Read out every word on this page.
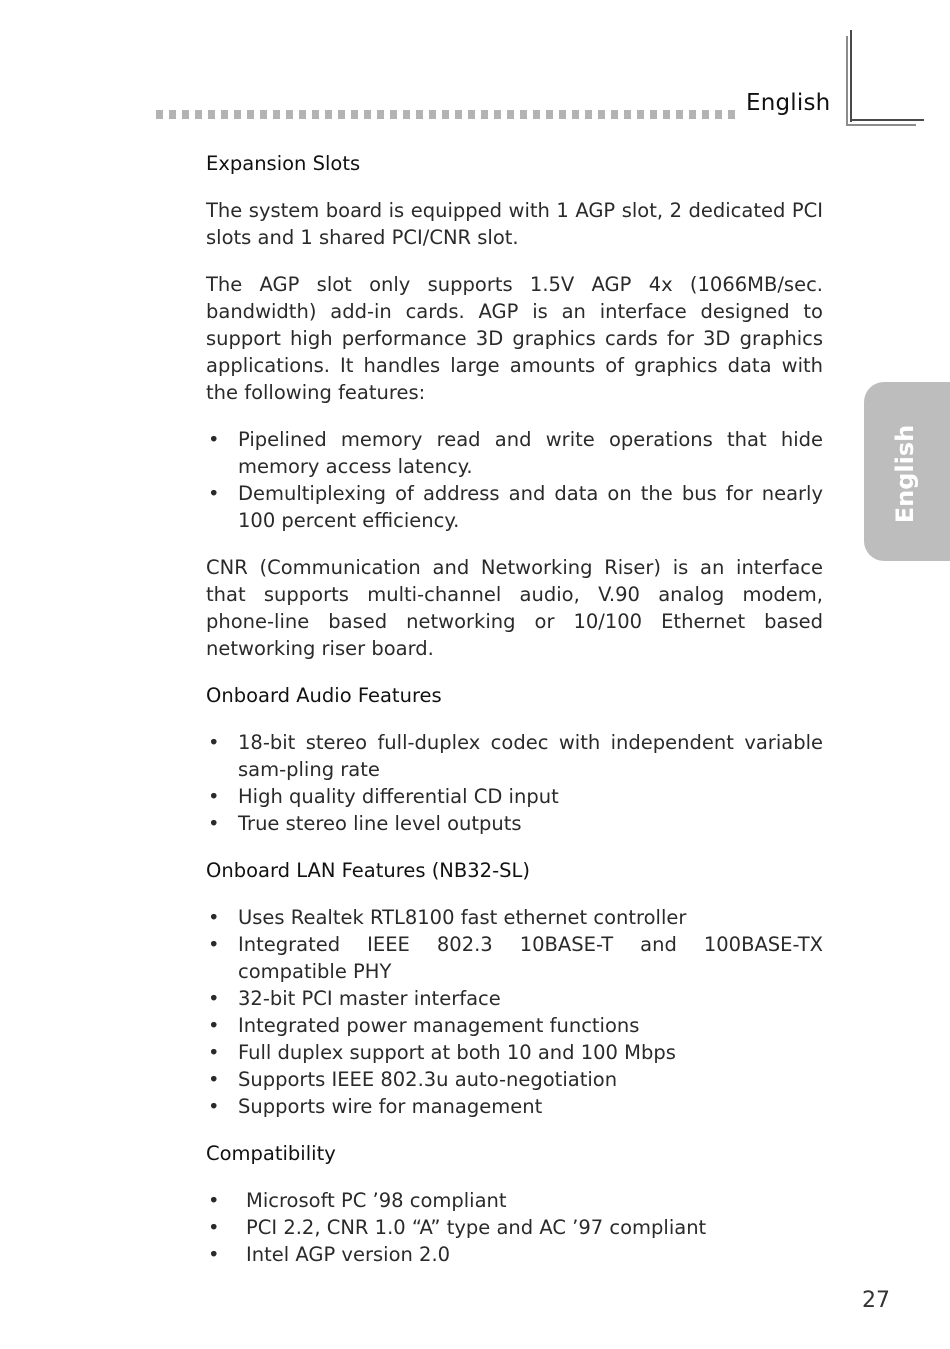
English
English
Expansion Slots

The system board is equipped with 1 AGP slot, 2 dedicated PCI slots and 1 shared PCI/CNR slot.

The AGP slot only supports 1.5V AGP 4x (1066MB/sec. bandwidth) add-in cards. AGP is an interface designed to support high performance 3D graphics cards for 3D graphics applications. It handles large amounts of graphics data with the following features:

• Pipelined memory read and write operations that hide memory access latency.
• Demultiplexing of address and data on the bus for nearly 100 percent efficiency.

CNR (Communication and Networking Riser) is an interface that supports multi-channel audio, V.90 analog modem, phone-line based networking or 10/100 Ethernet based networking riser board.

Onboard Audio Features
• 18-bit stereo full-duplex codec with independent variable sam-pling rate
• High quality differential CD input
• True stereo line level outputs
Onboard LAN Features (NB32-SL)
• Uses Realtek RTL8100 fast ethernet controller
• Integrated IEEE 802.3 10BASE-T and 100BASE-TX compatible PHY
• 32-bit PCI master interface
• Integrated power management functions
• Full duplex support at both 10 and 100 Mbps
• Supports IEEE 802.3u auto-negotiation
• Supports wire for management
Compatibility
• Microsoft PC ’98 compliant
• PCI 2.2, CNR 1.0 “A” type and AC ’97 compliant
• Intel AGP version 2.0
27
